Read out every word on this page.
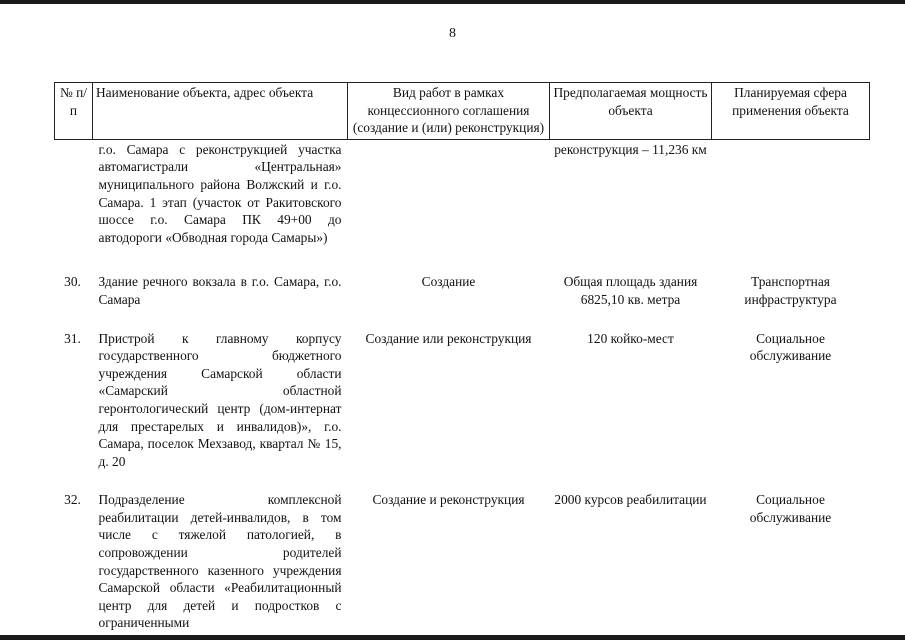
8
№ п/п	Наименование объекта, адрес объекта	Вид работ в рамках концессионного соглашения (создание и (или) реконструкция)	Предполагаемая мощность объекта	Планируемая сфера применения объекта
	г.о. Самара с реконструкцией участка автомагистрали «Центральная» муниципального района Волжский и г.о. Самара. 1 этап (участок от Ракитовского шоссе г.о. Самара ПК 49+00 до автодороги «Обводная города Самары»)		реконструкция – 11,236 км	
30.	Здание речного вокзала в г.о. Самара, г.о. Самара	Создание	Общая площадь здания 6825,10 кв. метра	Транспортная инфраструктура
31.	Пристрой к главному корпусу государственного бюджетного учреждения Самарской области «Самарский областной геронтологический центр (дом-интернат для престарелых и инвалидов)», г.о. Самара, поселок Мехзавод, квартал № 15, д. 20	Создание или реконструкция	120 койко-мест	Социальное обслуживание
32.	Подразделение комплексной реабилитации детей-инвалидов, в том числе с тяжелой патологией, в сопровождении родителей государственного казенного учреждения Самарской области «Реабилитационный центр для детей и подростков с ограниченными	Создание и реконструкция	2000 курсов реабилитации	Социальное обслуживание
